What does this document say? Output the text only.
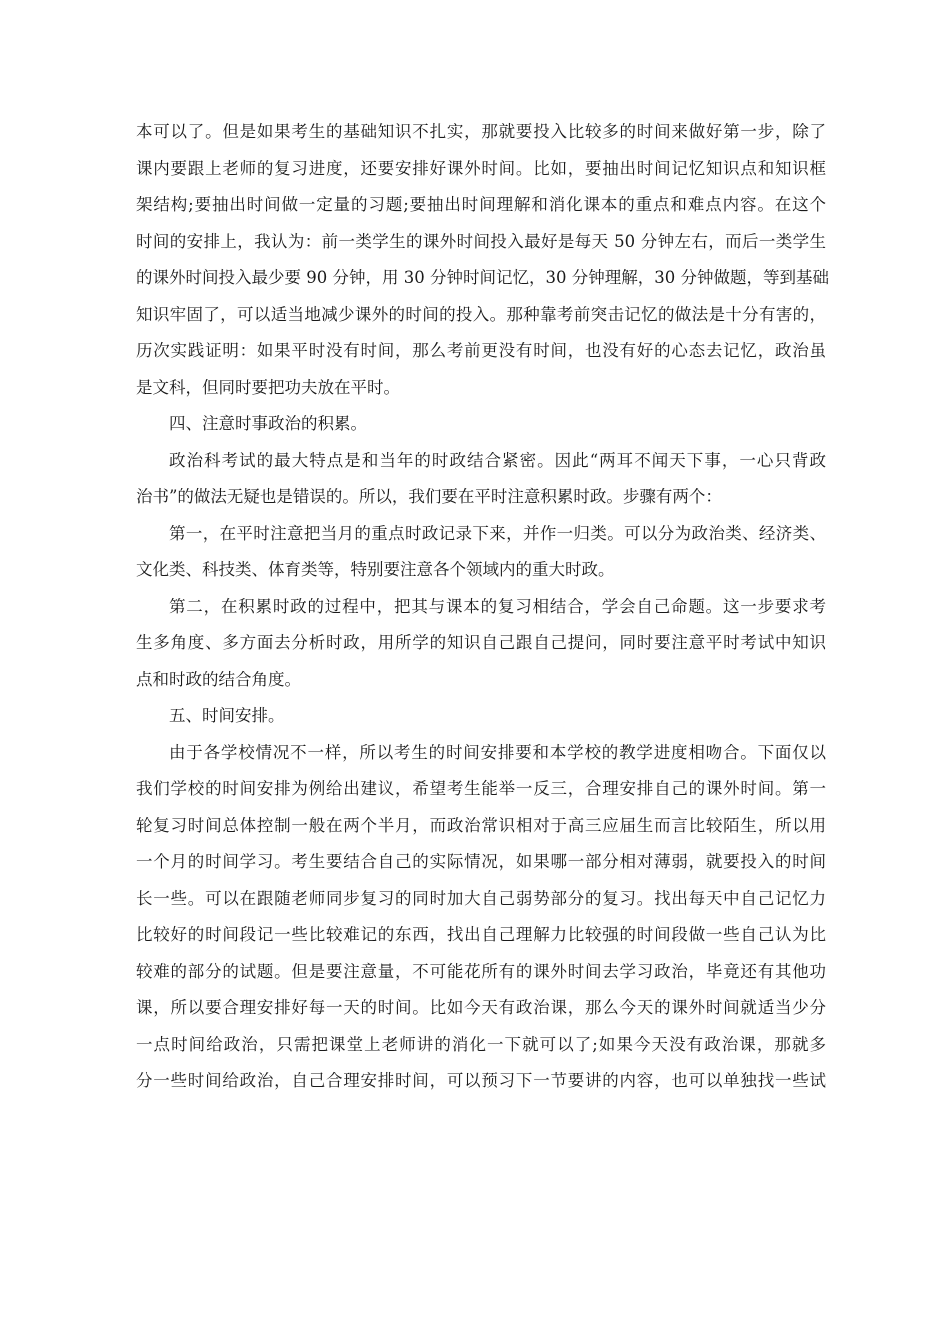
本可以了。但是如果考生的基础知识不扎实，那就要投入比较多的时间来做好第一步，除了
课内要跟上老师的复习进度，还要安排好课外时间。比如，要抽出时间记忆知识点和知识框
架结构;要抽出时间做一定量的习题;要抽出时间理解和消化课本的重点和难点内容。在这个
时间的安排上，我认为：前一类学生的课外时间投入最好是每天 50 分钟左右，而后一类学生
的课外时间投入最少要 90 分钟，用 30 分钟时间记忆，30 分钟理解，30 分钟做题，等到基础
知识牢固了，可以适当地减少课外的时间的投入。那种靠考前突击记忆的做法是十分有害的，
历次实践证明：如果平时没有时间，那么考前更没有时间，也没有好的心态去记忆，政治虽
是文科，但同时要把功夫放在平时。
四、注意时事政治的积累。
政治科考试的最大特点是和当年的时政结合紧密。因此“两耳不闻天下事，一心只背政
治书”的做法无疑也是错误的。所以，我们要在平时注意积累时政。步骤有两个：
第一，在平时注意把当月的重点时政记录下来，并作一归类。可以分为政治类、经济类、
文化类、科技类、体育类等，特别要注意各个领域内的重大时政。
第二，在积累时政的过程中，把其与课本的复习相结合，学会自己命题。这一步要求考
生多角度、多方面去分析时政，用所学的知识自己跟自己提问，同时要注意平时考试中知识
点和时政的结合角度。
五、时间安排。
由于各学校情况不一样，所以考生的时间安排要和本学校的教学进度相吻合。下面仅以
我们学校的时间安排为例给出建议，希望考生能举一反三，合理安排自己的课外时间。第一
轮复习时间总体控制一般在两个半月，而政治常识相对于高三应届生而言比较陌生，所以用
一个月的时间学习。考生要结合自己的实际情况，如果哪一部分相对薄弱，就要投入的时间
长一些。可以在跟随老师同步复习的同时加大自己弱势部分的复习。找出每天中自己记忆力
比较好的时间段记一些比较难记的东西，找出自己理解力比较强的时间段做一些自己认为比
较难的部分的试题。但是要注意量，不可能花所有的课外时间去学习政治，毕竟还有其他功
课，所以要合理安排好每一天的时间。比如今天有政治课，那么今天的课外时间就适当少分
一点时间给政治，只需把课堂上老师讲的消化一下就可以了;如果今天没有政治课，那就多
分一些时间给政治，自己合理安排时间，可以预习下一节要讲的内容，也可以单独找一些试
